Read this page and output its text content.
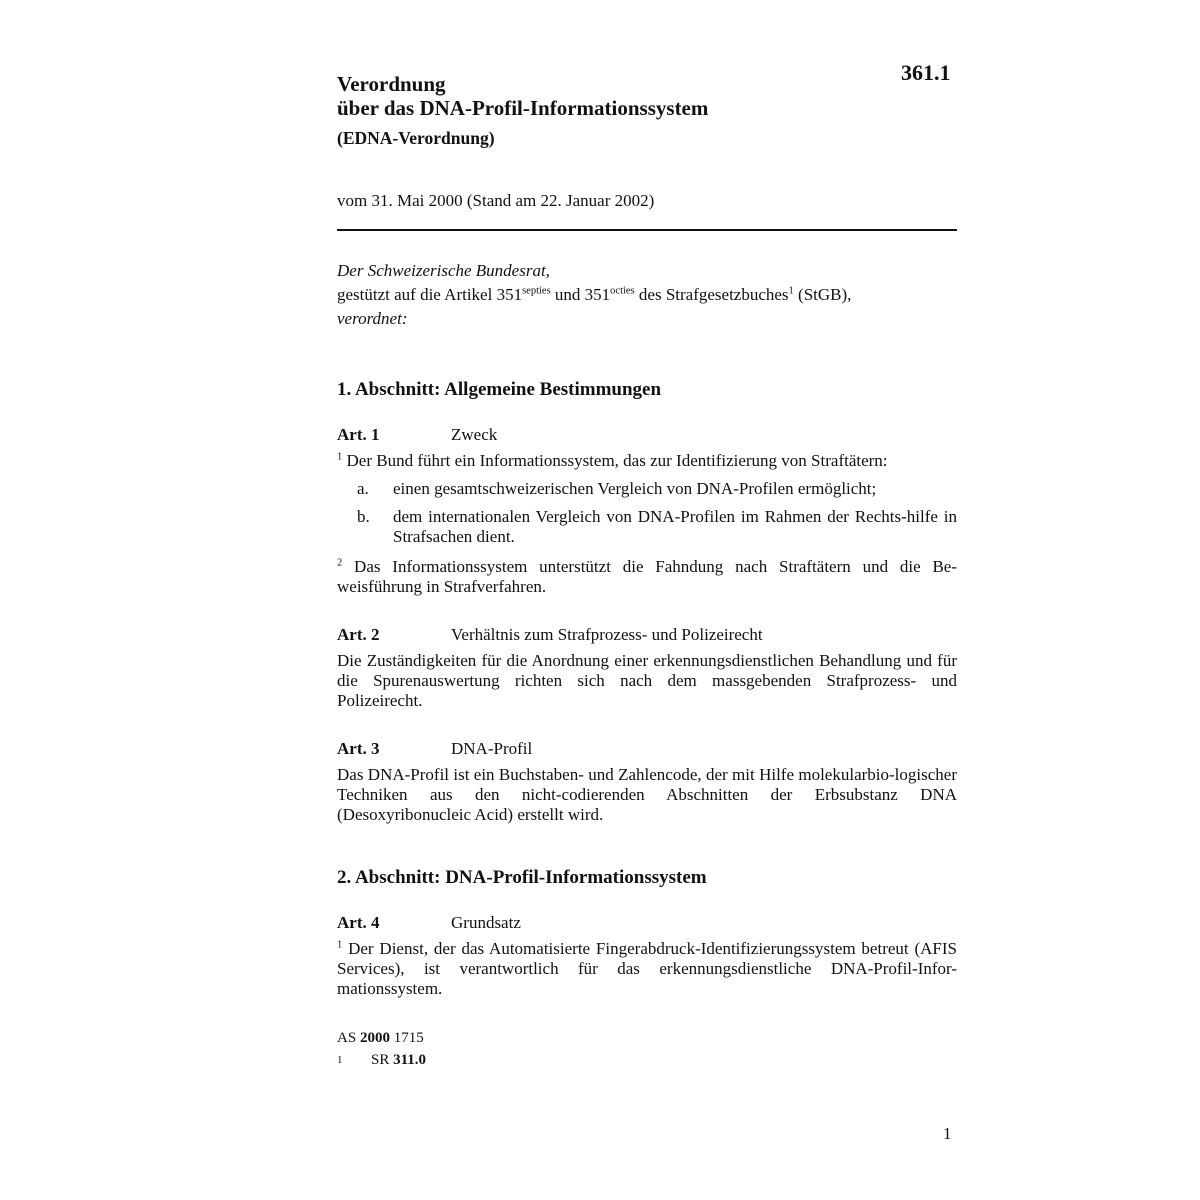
361.1
Verordnung
über das DNA-Profil-Informationssystem
(EDNA-Verordnung)
vom 31. Mai 2000 (Stand am 22. Januar 2002)
Der Schweizerische Bundesrat,
gestützt auf die Artikel $351^{septies}$ und $351^{octies}$ des Strafgesetzbuches$^1$ (StGB),
verordnet:
1. Abschnitt: Allgemeine Bestimmungen
Art. 1	Zweck
$^1$ Der Bund führt ein Informationssystem, das zur Identifizierung von Straftätern:
a.	einen gesamtschweizerischen Vergleich von DNA-Profilen ermöglicht;
b.	dem internationalen Vergleich von DNA-Profilen im Rahmen der Rechts-hilfe in Strafsachen dient.
$^2$ Das Informationssystem unterstützt die Fahndung nach Straftätern und die Be-weisführung in Strafverfahren.
Art. 2	Verhältnis zum Strafprozess- und Polizeirecht
Die Zuständigkeiten für die Anordnung einer erkennungsdienstlichen Behandlung und für die Spurenauswertung richten sich nach dem massgebenden Strafprozess- und Polizeirecht.
Art. 3	DNA-Profil
Das DNA-Profil ist ein Buchstaben- und Zahlencode, der mit Hilfe molekularbio-logischer Techniken aus den nicht-codierenden Abschnitten der Erbsubstanz DNA (Desoxyribonucleic Acid) erstellt wird.
2. Abschnitt: DNA-Profil-Informationssystem
Art. 4	Grundsatz
$^1$ Der Dienst, der das Automatisierte Fingerabdruck-Identifizierungssystem betreut (AFIS Services), ist verantwortlich für das erkennungsdienstliche DNA-Profil-Infor-mationssystem.
AS 2000 1715
1	SR 311.0
1
